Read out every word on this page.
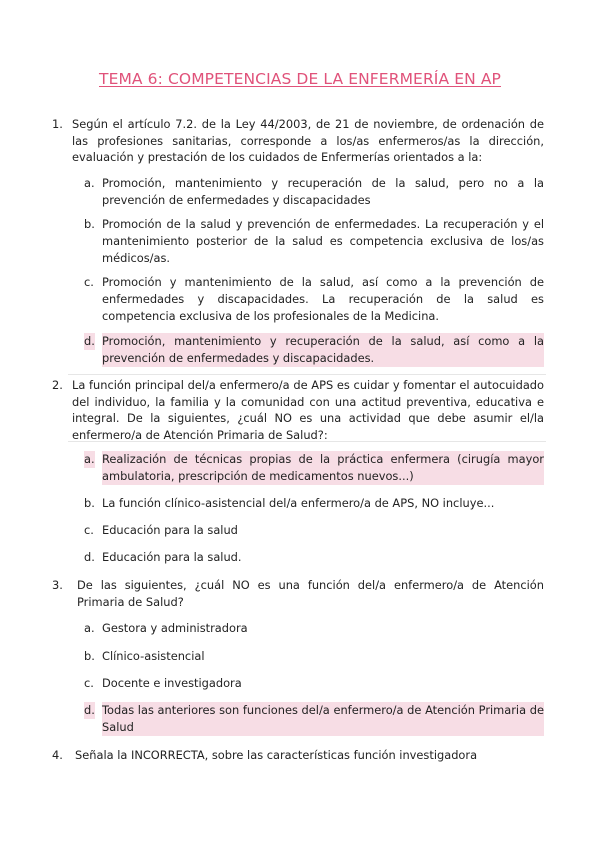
TEMA 6: COMPETENCIAS DE LA ENFERMERÍA EN AP
1. Según el artículo 7.2. de la Ley 44/2003, de 21 de noviembre, de ordenación de las profesiones sanitarias, corresponde a los/as enfermeros/as la dirección, evaluación y prestación de los cuidados de Enfermerías orientados a la:
a. Promoción, mantenimiento y recuperación de la salud, pero no a la prevención de enfermedades y discapacidades
b. Promoción de la salud y prevención de enfermedades. La recuperación y el mantenimiento posterior de la salud es competencia exclusiva de los/as médicos/as.
c. Promoción y mantenimiento de la salud, así como a la prevención de enfermedades y discapacidades. La recuperación de la salud es competencia exclusiva de los profesionales de la Medicina.
d. Promoción, mantenimiento y recuperación de la salud, así como a la prevención de enfermedades y discapacidades.
2. La función principal del/a enfermero/a de APS es cuidar y fomentar el autocuidado del individuo, la familia y la comunidad con una actitud preventiva, educativa e integral. De la siguientes, ¿cuál NO es una actividad que debe asumir el/la enfermero/a de Atención Primaria de Salud?:
a. Realización de técnicas propias de la práctica enfermera (cirugía mayor ambulatoria, prescripción de medicamentos nuevos...)
b. La función clínico-asistencial del/a enfermero/a de APS, NO incluye...
c. Educación para la salud
d. Educación para la salud.
3. De las siguientes, ¿cuál NO es una función del/a enfermero/a de Atención Primaria de Salud?
a. Gestora y administradora
b. Clínico-asistencial
c. Docente e investigadora
d. Todas las anteriores son funciones del/a enfermero/a de Atención Primaria de Salud
4. Señala la INCORRECTA, sobre las características función investigadora
